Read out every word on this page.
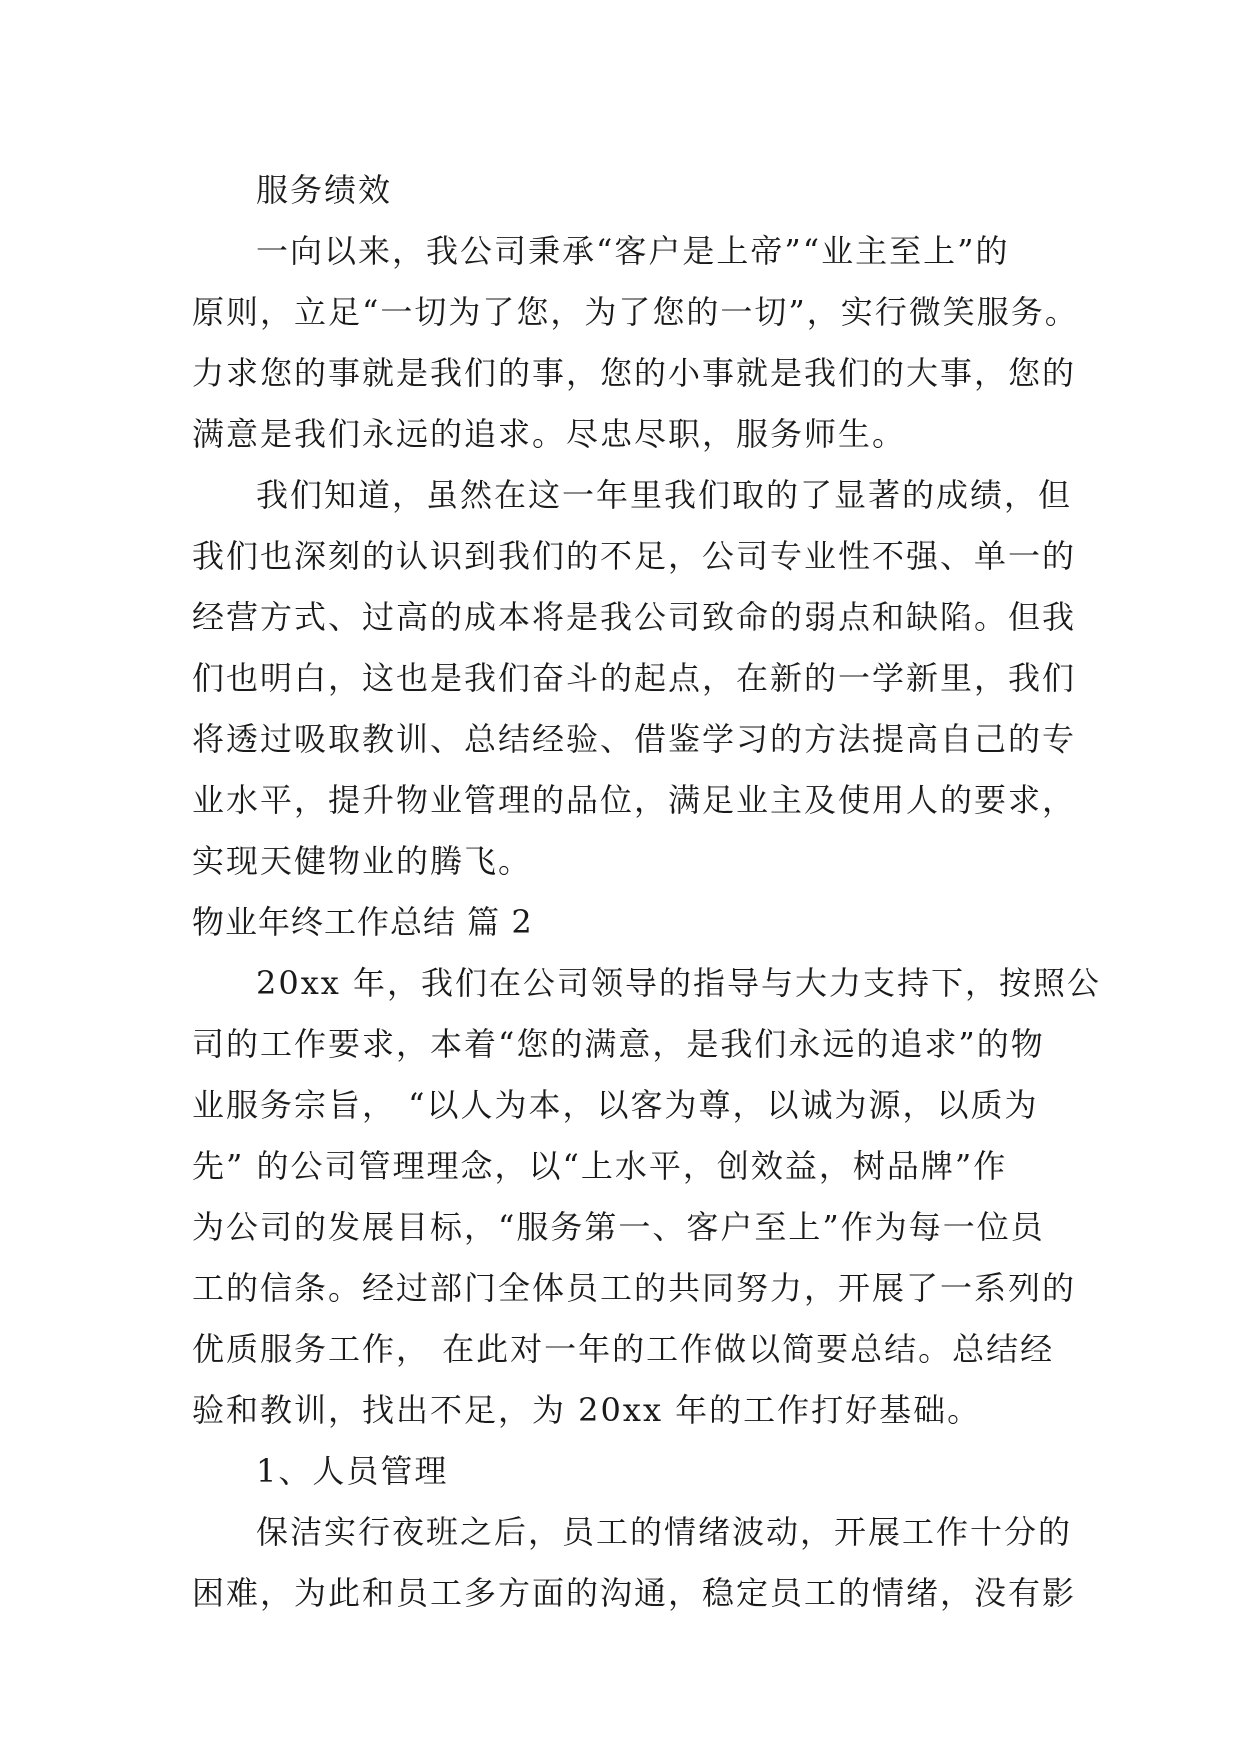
服务绩效
一向以来，我公司秉承“客户是上帝”“业主至上”的
原则，立足“一切为了您，为了您的一切”，实行微笑服务。
力求您的事就是我们的事，您的小事就是我们的大事，您的
满意是我们永远的追求。尽忠尽职，服务师生。
我们知道，虽然在这一年里我们取的了显著的成绩，但
我们也深刻的认识到我们的不足，公司专业性不强、单一的
经营方式、过高的成本将是我公司致命的弱点和缺陷。但我
们也明白，这也是我们奋斗的起点，在新的一学新里，我们
将透过吸取教训、总结经验、借鉴学习的方法提高自己的专
业水平，提升物业管理的品位，满足业主及使用人的要求，
实现天健物业的腾飞。
物业年终工作总结 篇 2
20xx 年，我们在公司领导的指导与大力支持下，按照公
司的工作要求，本着“您的满意，是我们永远的追求”的物
业服务宗旨， “以人为本，以客为尊，以诚为源，以质为
先” 的公司管理理念，以“上水平，创效益，树品牌”作
为公司的发展目标，“服务第一、客户至上”作为每一位员
工的信条。经过部门全体员工的共同努力，开展了一系列的
优质服务工作， 在此对一年的工作做以简要总结。总结经
验和教训，找出不足，为 20xx 年的工作打好基础。
1、人员管理
保洁实行夜班之后，员工的情绪波动，开展工作十分的
困难，为此和员工多方面的沟通，稳定员工的情绪，没有影
